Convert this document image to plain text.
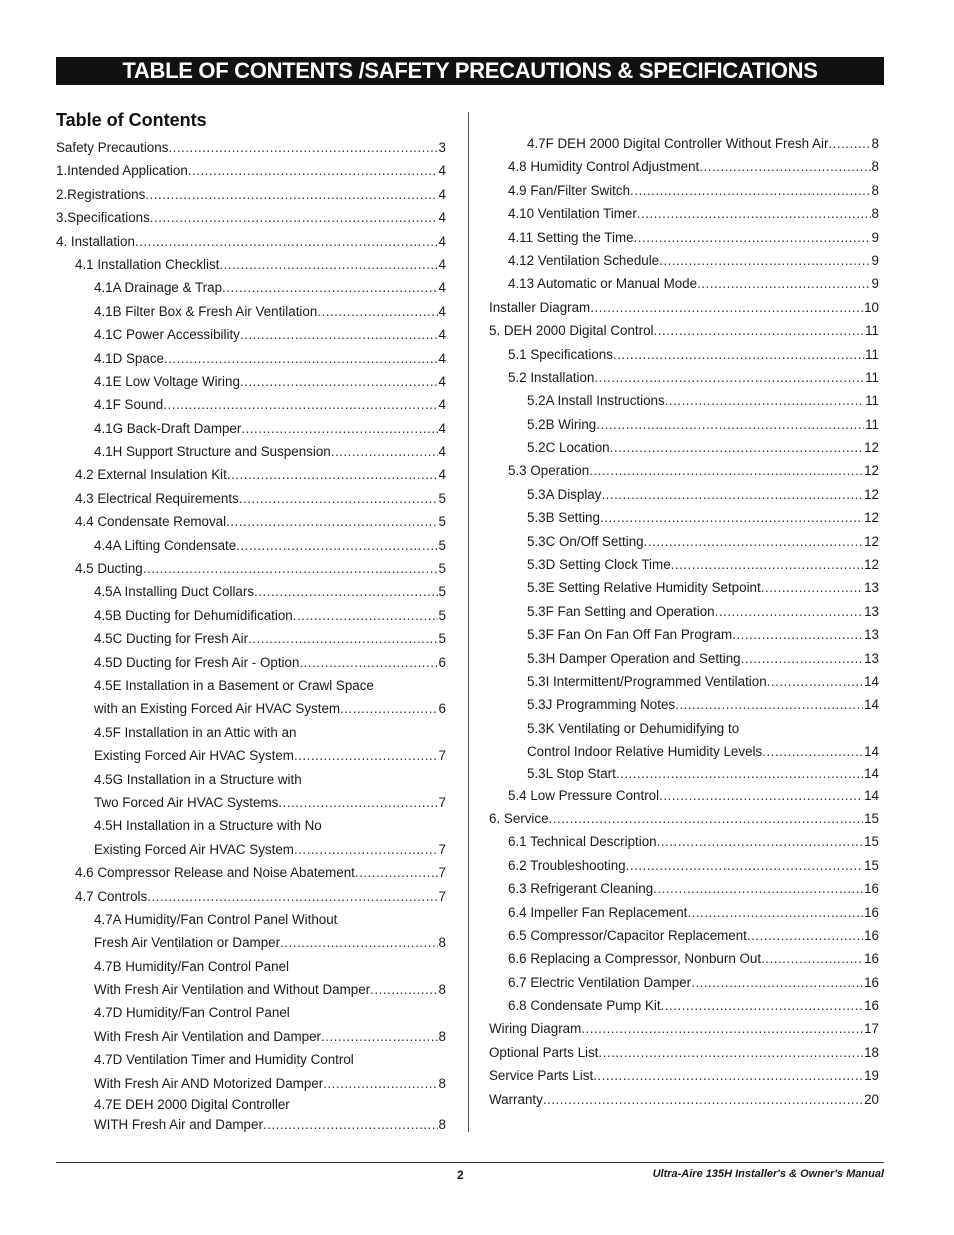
TABLE OF CONTENTS /SAFETY PRECAUTIONS & SPECIFICATIONS
Table of Contents
Safety Precautions .....	3
1.Intended Application .....	4
2.Registrations .....	4
3.Specifications .....	4
4. Installation .....	4
4.1 Installation Checklist .....	4
4.1A Drainage & Trap .....	4
4.1B Filter Box & Fresh Air Ventilation .....	4
4.1C Power Accessibility .....	4
4.1D Space .....	4
4.1E Low Voltage Wiring .....	4
4.1F Sound .....	4
4.1G Back-Draft Damper .....	4
4.1H Support Structure and Suspension .....	4
4.2 External Insulation Kit .....	4
4.3 Electrical Requirements .....	5
4.4 Condensate Removal .....	5
4.4A Lifting Condensate .....	5
4.5 Ducting .....	5
4.5A Installing Duct Collars .....	5
4.5B Ducting for Dehumidification .....	5
4.5C Ducting for Fresh Air .....	5
4.5D Ducting for Fresh Air - Option .....	6
4.5E Installation in a Basement or Crawl Space
with an Existing Forced Air HVAC System .....	6
4.5F Installation in an Attic with an
Existing Forced Air HVAC System .....	7
4.5G Installation in a Structure with
Two Forced Air HVAC Systems .....	7
4.5H Installation in a Structure with No
Existing Forced Air HVAC System .....	7
4.6 Compressor Release and Noise Abatement .....	7
4.7 Controls .....	7
4.7A Humidity/Fan Control Panel Without
Fresh Air Ventilation or Damper .....	8
4.7B Humidity/Fan Control Panel
With Fresh Air Ventilation and Without Damper .....	8
4.7D Humidity/Fan Control Panel
With Fresh Air Ventilation and Damper .....	8
4.7D Ventilation Timer and Humidity Control
With Fresh Air AND Motorized Damper .....	8
4.7E DEH 2000 Digital Controller
WITH Fresh Air and Damper .....	8
4.7F DEH 2000 Digital Controller Without Fresh Air .....	8
4.8 Humidity Control Adjustment .....	8
4.9 Fan/Filter Switch .....	8
4.10 Ventilation Timer .....	8
4.11 Setting the Time .....	9
4.12 Ventilation Schedule .....	9
4.13 Automatic or Manual Mode .....	9
Installer Diagram .....	10
5. DEH 2000 Digital Control .....	11
5.1 Specifications .....	11
5.2 Installation .....	11
5.2A Install Instructions .....	11
5.2B Wiring .....	11
5.2C Location .....	12
5.3 Operation .....	12
5.3A Display .....	12
5.3B Setting .....	12
5.3C On/Off Setting .....	12
5.3D Setting Clock Time .....	12
5.3E Setting Relative Humidity Setpoint .....	13
5.3F Fan Setting and Operation .....	13
5.3F Fan On Fan Off Fan Program .....	13
5.3H Damper Operation and Setting .....	13
5.3I Intermittent/Programmed Ventilation .....	14
5.3J Programming Notes .....	14
5.3K Ventilating or Dehumidifying to
Control Indoor Relative Humidity Levels .....	14
5.3L Stop Start .....	14
5.4 Low Pressure Control .....	14
6. Service .....	15
6.1 Technical Description .....	15
6.2 Troubleshooting .....	15
6.3 Refrigerant Cleaning .....	16
6.4 Impeller Fan Replacement .....	16
6.5 Compressor/Capacitor Replacement .....	16
6.6 Replacing a Compressor, Nonburn Out .....	16
6.7 Electric Ventilation Damper .....	16
6.8 Condensate Pump Kit .....	16
Wiring Diagram .....	17
Optional Parts List .....	18
Service Parts List .....	19
Warranty .....	20
2	Ultra-Aire 135H Installer's & Owner's Manual
